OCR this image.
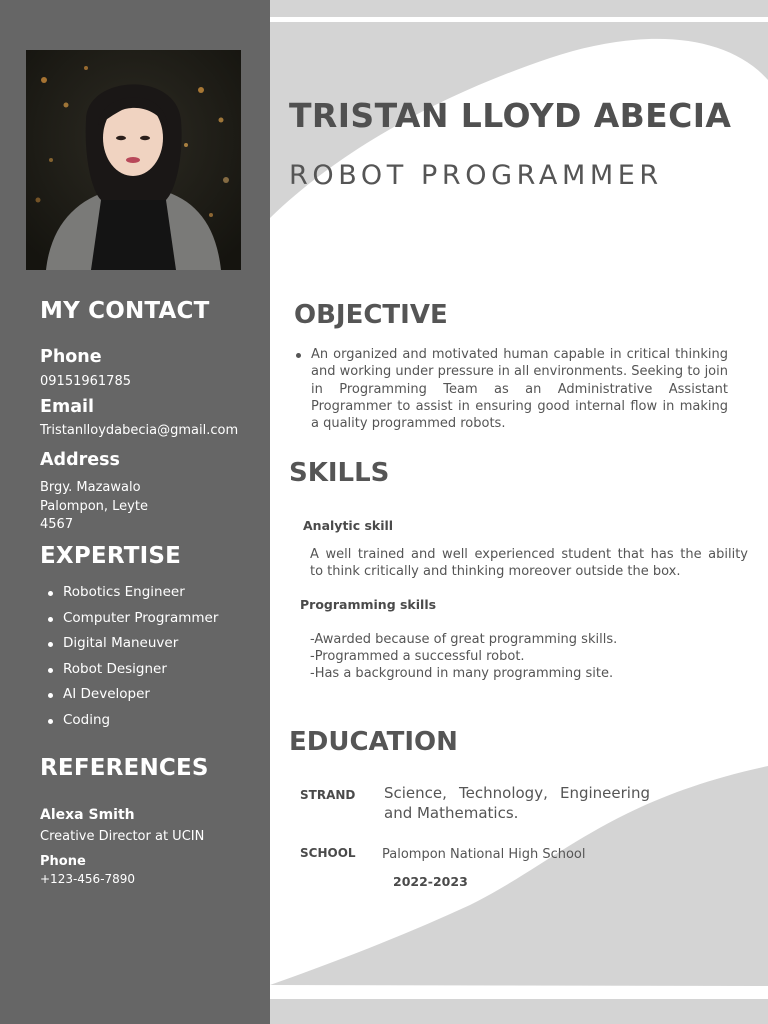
MY CONTACT
Phone
09151961785
Email
Tristanlloydabecia@gmail.com
Address
Brgy. Mazawalo
Palompon, Leyte
4567
EXPERTISE
Robotics Engineer
Computer Programmer
Digital Maneuver
Robot Designer
AI Developer
Coding
REFERENCES
Alexa Smith
Creative Director at UCIN
Phone
+123-456-7890
TRISTAN LLOYD ABECIA
ROBOT PROGRAMMER
OBJECTIVE
An organized and motivated human capable in critical thinking and working under pressure in all environments. Seeking to join in Programming Team as an Administrative Assistant Programmer to assist in ensuring good internal flow in making a quality programmed robots.
SKILLS
Analytic skill
A well trained and well experienced student that has the ability
to think critically and thinking moreover outside the box.
Programming skills
-Awarded because of great programming skills.
-Programmed a successful robot.
-Has a background in many programming site.
EDUCATION
STRAND Science, Technology, Engineering
and Mathematics.
SCHOOL Palompon National High School
2022-2023
